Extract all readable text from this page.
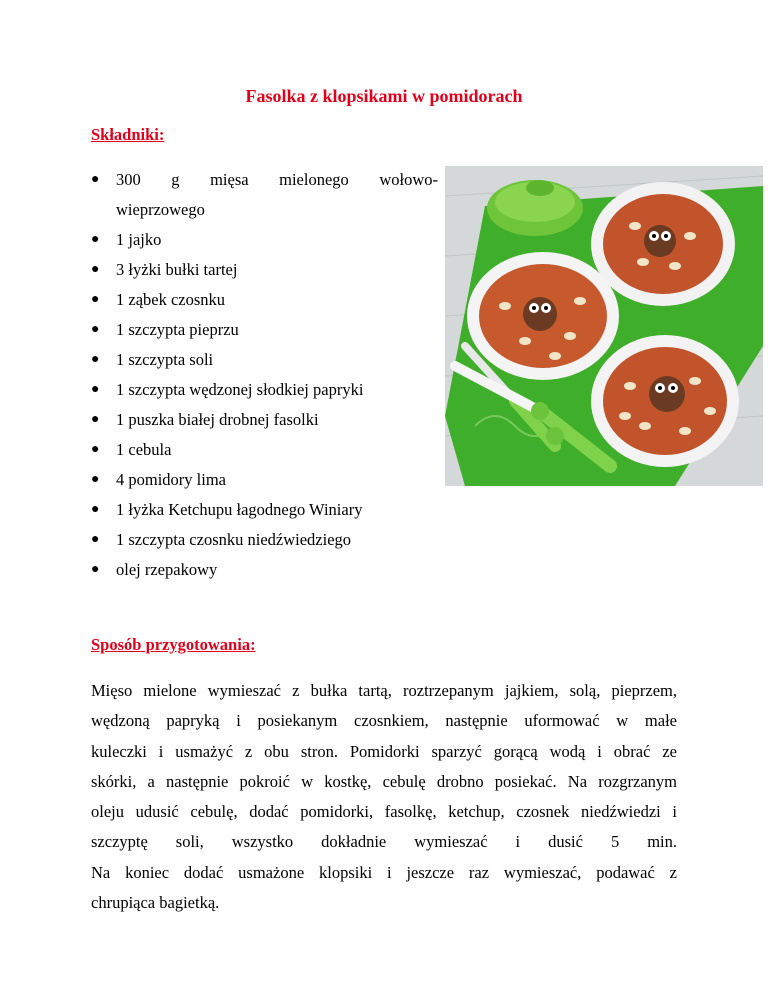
Fasolka z klopsikami w pomidorach
Składniki:
● 300 g mięsa mielonego wołowo-
wieprzowego
● 1 jajko
● 3 łyżki bułki tartej
● 1 ząbek czosnku
● 1 szczypta pieprzu
● 1 szczypta soli
● 1 szczypta wędzonej słodkiej papryki
● 1 puszka białej drobnej fasolki
● 1 cebula
● 4 pomidory lima
● 1 łyżka Ketchupu łagodnego Winiary
● 1 szczypta czosnku niedźwiedziego
● olej rzepakowy
Sposób przygotowania:
Mięso mielone wymieszać z bułka tartą, roztrzepanym jajkiem, solą, pieprzem,
wędzoną papryką i posiekanym czosnkiem, następnie uformować w małe
kuleczki i usmażyć z obu stron. Pomidorki sparzyć gorącą wodą i obrać ze
skórki, a następnie pokroić w kostkę, cebulę drobno posiekać. Na rozgrzanym
oleju udusić cebulę, dodać pomidorki, fasolkę, ketchup, czosnek niedźwiedzi i
szczyptę soli, wszystko dokładnie wymieszać i dusić 5 min.
Na koniec dodać usmażone klopsiki i jeszcze raz wymieszać, podawać z
chrupiąca bagietką.
